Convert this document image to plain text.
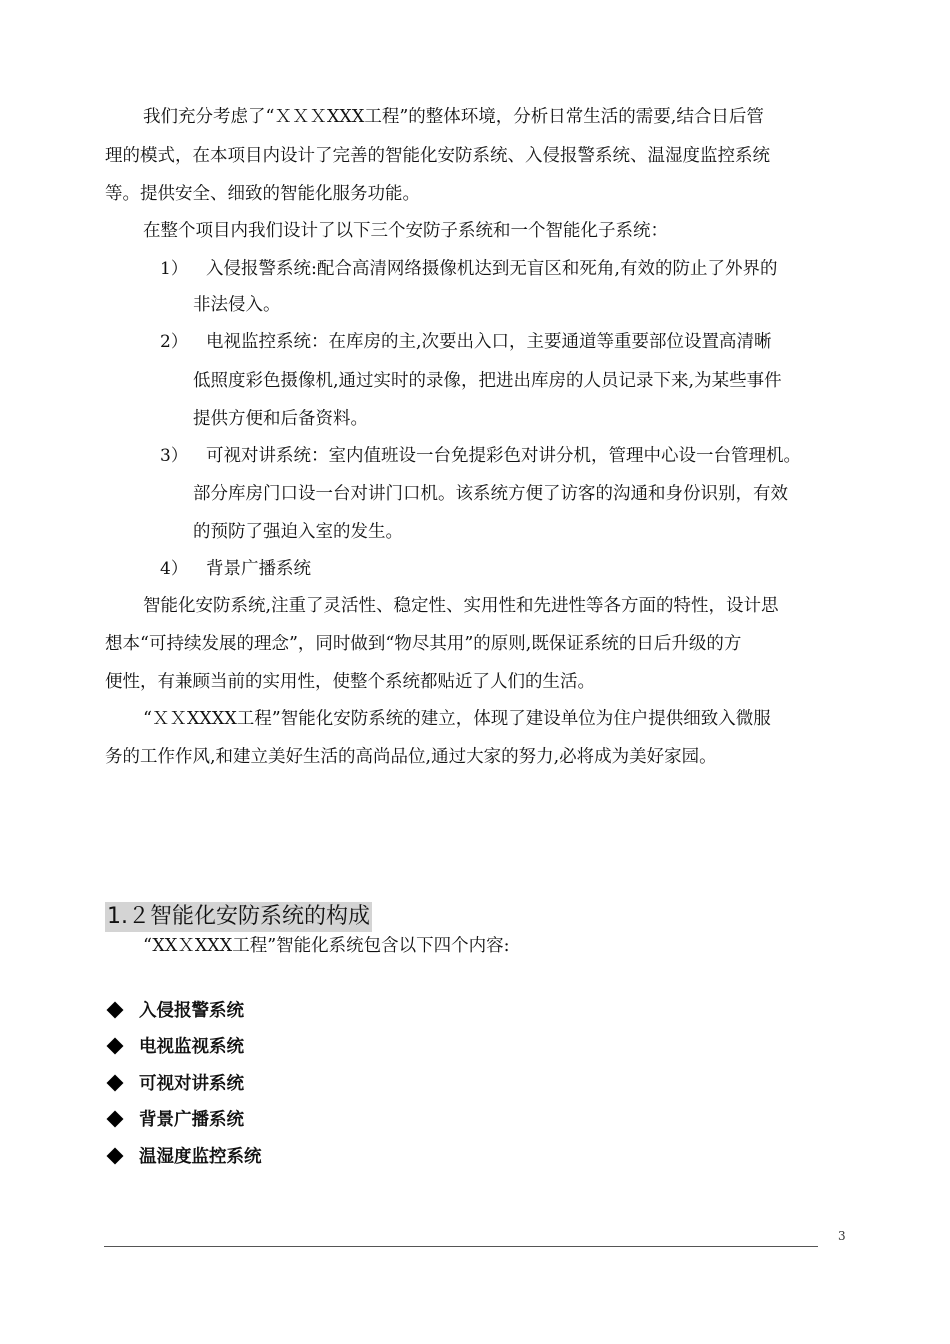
我们充分考虑了“ＸＸＸXXX工程”的整体环境，分析日常生活的需要,结合日后管
理的模式，在本项目内设计了完善的智能化安防系统、入侵报警系统、温湿度监控系统
等。提供安全、细致的智能化服务功能。
在整个项目内我们设计了以下三个安防子系统和一个智能化子系统：
1） 入侵报警系统:配合高清网络摄像机达到无盲区和死角,有效的防止了外界的
非法侵入。
2） 电视监控系统：在库房的主,次要出入口，主要通道等重要部位设置高清晰
低照度彩色摄像机,通过实时的录像，把进出库房的人员记录下来,为某些事件
提供方便和后备资料。
3） 可视对讲系统：室内值班设一台免提彩色对讲分机，管理中心设一台管理机。
部分库房门口设一台对讲门口机。该系统方便了访客的沟通和身份识别，有效
的预防了强迫入室的发生。
4） 背景广播系统
智能化安防系统,注重了灵活性、稳定性、实用性和先进性等各方面的特性，设计思
想本“可持续发展的理念”，同时做到“物尽其用”的原则,既保证系统的日后升级的方
便性，有兼顾当前的实用性，使整个系统都贴近了人们的生活。
“ＸＸXXXX工程”智能化安防系统的建立，体现了建设单位为住户提供细致入微服
务的工作作风,和建立美好生活的高尚品位,通过大家的努力,必将成为美好家园。
1.２智能化安防系统的构成
“XXＸXXX工程”智能化系统包含以下四个内容:
入侵报警系统
电视监视系统
可视对讲系统
背景广播系统
温湿度监控系统
3
